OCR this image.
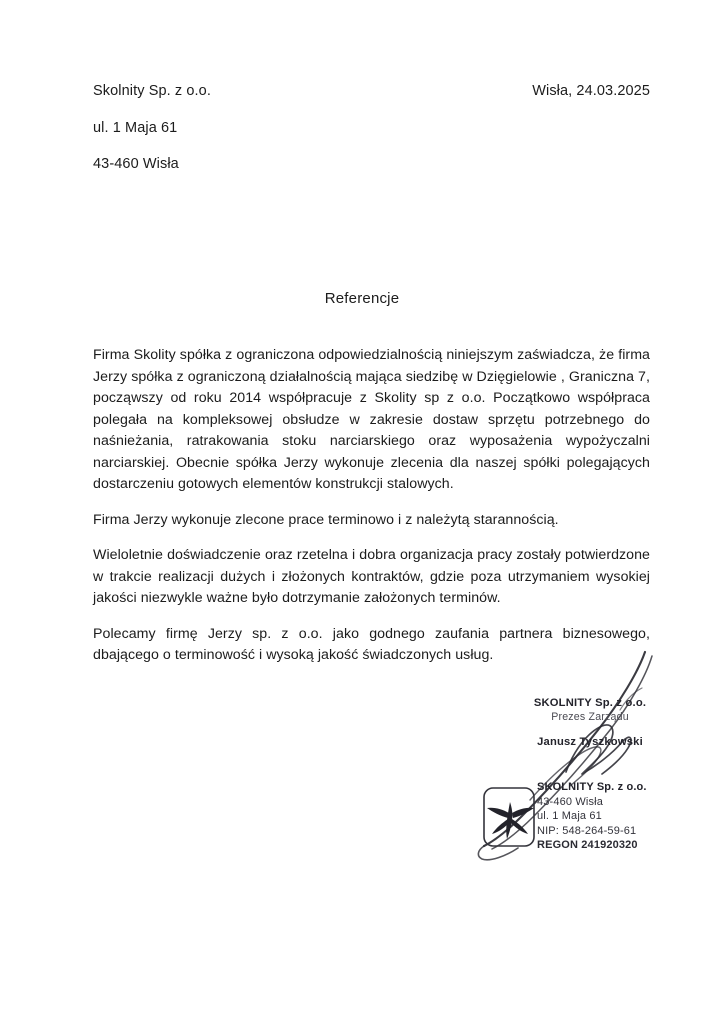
Skolnity Sp. z o.o.	Wisła, 24.03.2025
ul. 1 Maja 61
43-460 Wisła
Referencje

Firma Skolity spółka z ograniczona odpowiedzialnością niniejszym zaświadcza, że firma Jerzy spółka z ograniczoną działalnością mająca siedzibę w Dzięgielowie , Graniczna 7, począwszy od roku 2014 współpracuje z Skolity sp z o.o. Początkowo współpraca polegała na kompleksowej obsłudze w zakresie dostaw sprzętu potrzebnego do naśnieżania, ratrakowania stoku narciarskiego oraz wyposażenia wypożyczalni narciarskiej. Obecnie spółka Jerzy wykonuje zlecenia dla naszej spółki polegających dostarczeniu gotowych elementów konstrukcji stalowych.

Firma Jerzy wykonuje zlecone prace terminowo i z należytą starannością.

Wieloletnie doświadczenie oraz rzetelna i dobra organizacja pracy zostały potwierdzone w trakcie realizacji dużych i złożonych kontraktów, gdzie poza utrzymaniem wysokiej jakości niezwykle ważne było dotrzymanie założonych terminów.

Polecamy firmę Jerzy sp. z o.o. jako godnego zaufania partnera biznesowego, dbającego o terminowość i wysoką jakość świadczonych usług.

SKOLNITY Sp. z o.o.
Prezes Zarządu
Janusz Tyszkowski
SKOLNITY Sp. z o.o.
43-460 Wisła
ul. 1 Maja 61
NIP: 548-264-59-61
REGON 241920320
